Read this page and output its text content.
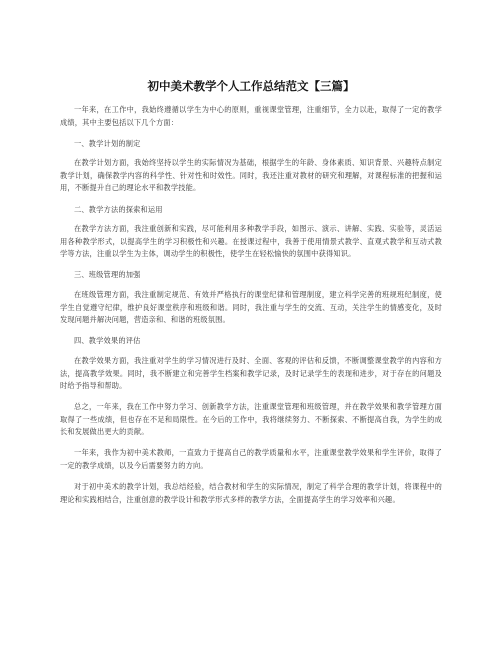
初中美术教学个人工作总结范文【三篇】

一年来，在工作中，我始终遵循以学生为中心的原则，重视课堂管理，注重细节，全力以赴，取得了一定的教学成绩，其中主要包括以下几个方面：

一、教学计划的制定

在教学计划方面，我始终坚持以学生的实际情况为基础，根据学生的年龄、身体素质、知识背景、兴趣特点制定教学计划，确保教学内容的科学性、针对性和时效性。同时，我还注重对教材的研究和理解，对课程标准的把握和运用，不断提升自己的理论水平和教学技能。

二、教学方法的探索和运用

在教学方法方面，我注重创新和实践，尽可能利用多种教学手段，如图示、演示、讲解、实践、实验等，灵活运用各种教学形式，以提高学生的学习积极性和兴趣。在授课过程中，我善于使用情景式教学、直观式教学和互动式教学等方法，注重以学生为主体，调动学生的积极性，使学生在轻松愉快的氛围中获得知识。

三、班级管理的加强

在班级管理方面，我注重制定规范、有效并严格执行的课堂纪律和管理制度，建立科学完善的班规班纪制度，使学生自觉遵守纪律，维护良好课堂秩序和班级和谐。同时，我注重与学生的交流、互动，关注学生的情感变化，及时发现问题并解决问题，营造亲和、和谐的班级氛围。

四、教学效果的评估

在教学效果方面，我注重对学生的学习情况进行及时、全面、客观的评估和反馈，不断调整课堂教学的内容和方法，提高教学效果。同时，我不断建立和完善学生档案和教学记录，及时记录学生的表现和进步，对于存在的问题及时给予指导和帮助。

总之，一年来，我在工作中努力学习、创新教学方法，注重课堂管理和班级管理，并在教学效果和教学管理方面取得了一些成绩，但也存在不足和局限性。在今后的工作中，我将继续努力、不断探索、不断提高自我，为学生的成长和发展做出更大的贡献。

一年来，我作为初中美术教师，一直致力于提高自己的教学质量和水平，注重课堂教学效果和学生评价，取得了一定的教学成绩，以及今后需要努力的方向。

对于初中美术的教学计划，我总结经验，结合教材和学生的实际情况，制定了科学合理的教学计划，将课程中的理论和实践相结合，注重创意的教学设计和教学形式多样的教学方法，全面提高学生的学习效率和兴趣。
